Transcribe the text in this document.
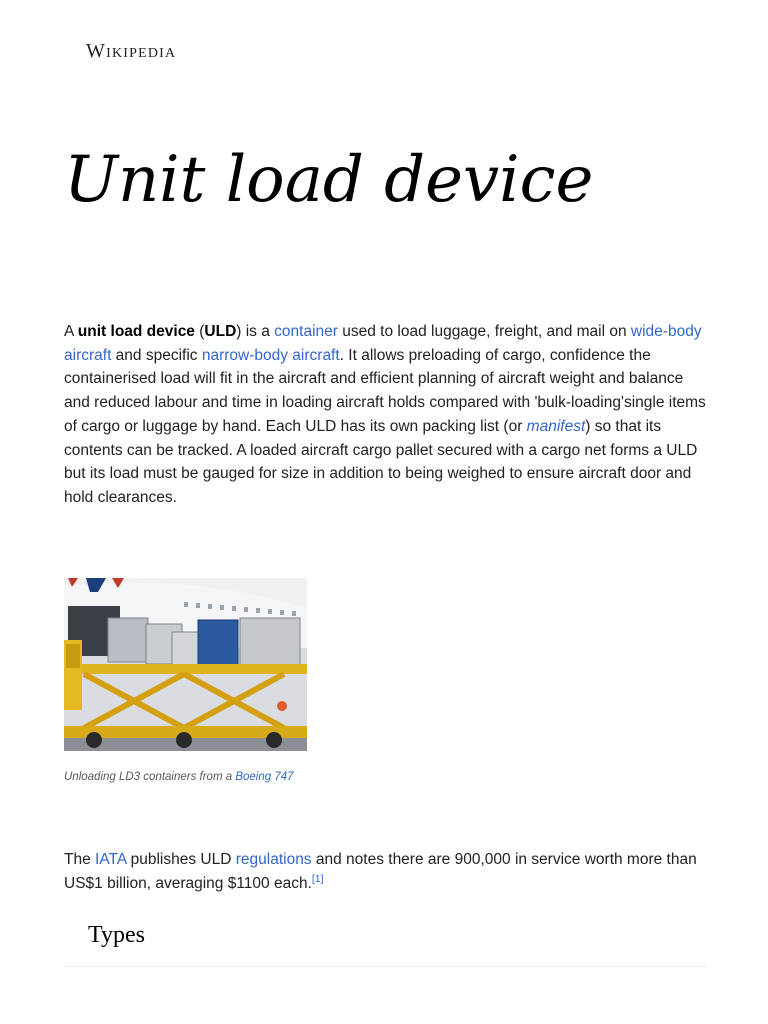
Wikipedia
Unit load device

A unit load device (ULD) is a container used to load luggage, freight, and mail on wide-body aircraft and specific narrow-body aircraft. It allows preloading of cargo, confidence the containerised load will fit in the aircraft and efficient planning of aircraft weight and balance and reduced labour and time in loading aircraft holds compared with 'bulk-loading'single items of cargo or luggage by hand. Each ULD has its own packing list (or manifest) so that its contents can be tracked. A loaded aircraft cargo pallet secured with a cargo net forms a ULD but its load must be gauged for size in addition to being weighed to ensure aircraft door and hold clearances.

Unloading LD3 containers from a Boeing 747

The IATA publishes ULD regulations and notes there are 900,000 in service worth more than US$1 billion, averaging $1100 each.[1]

Types
